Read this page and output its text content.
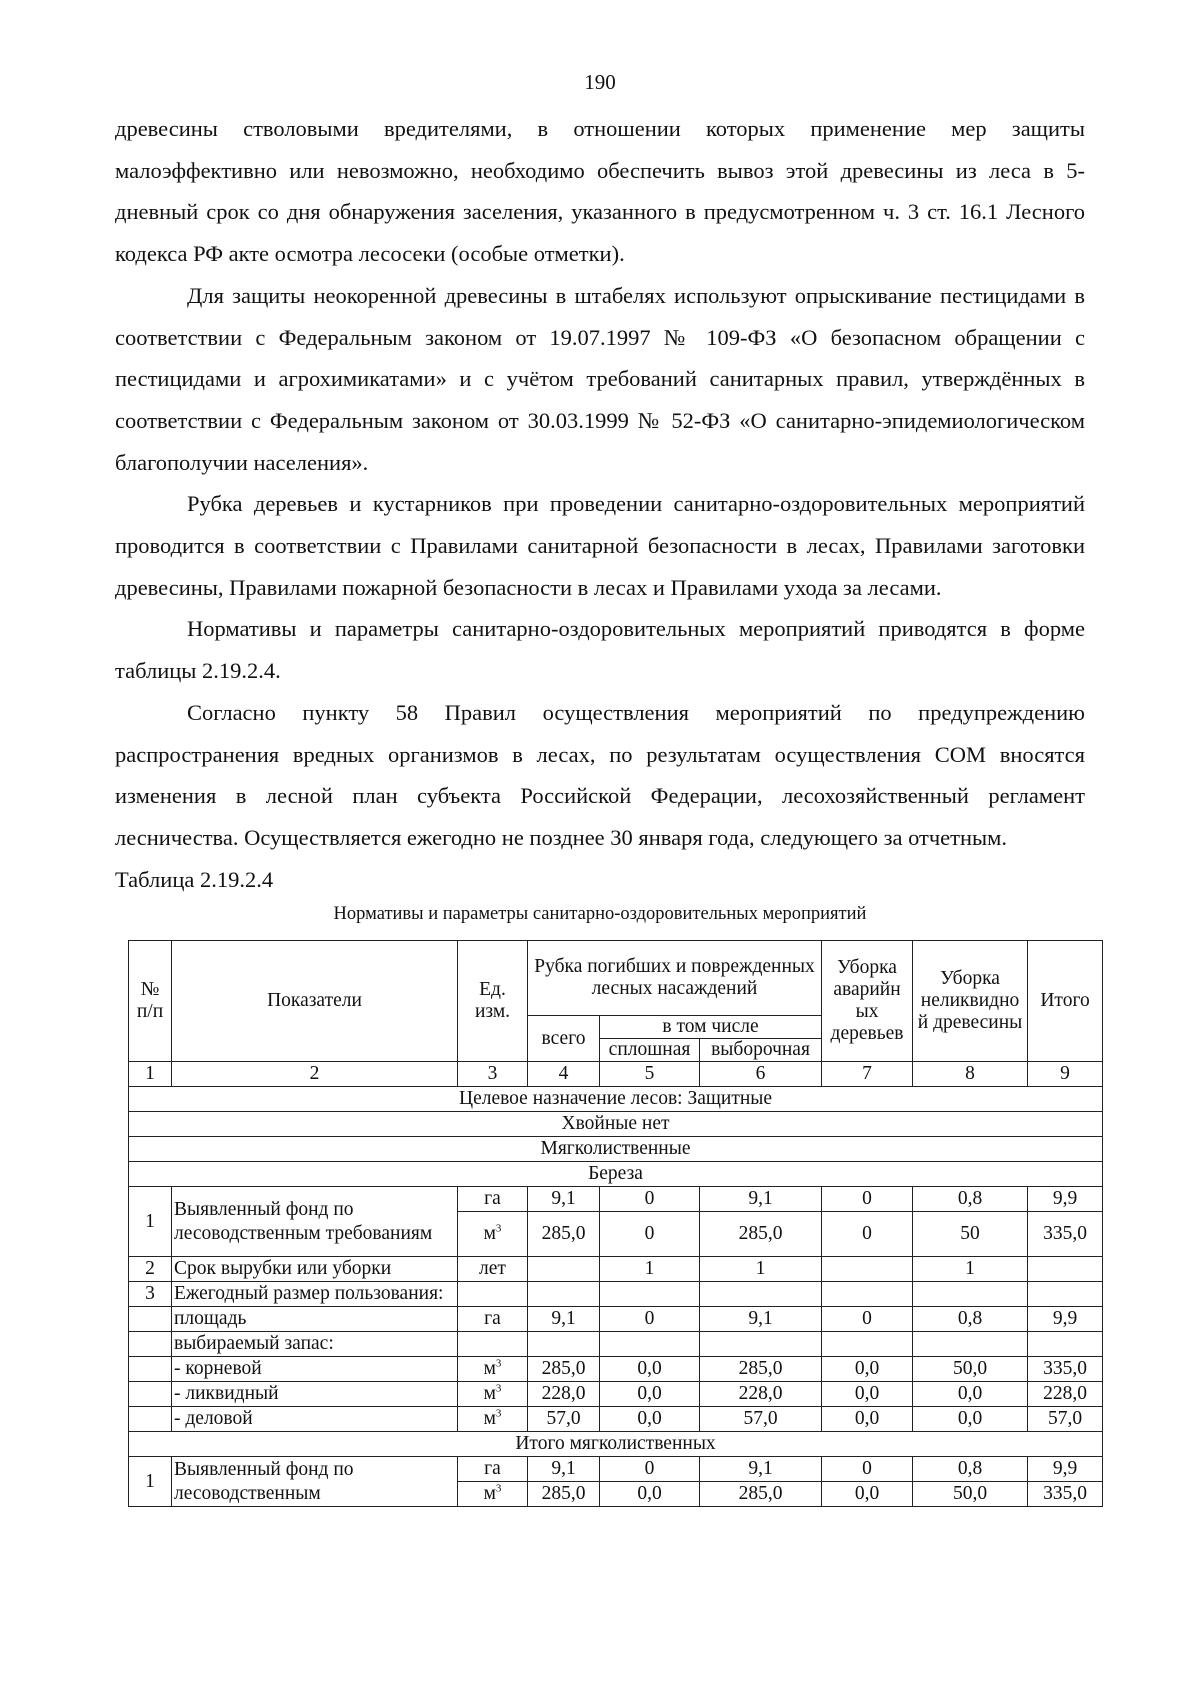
190

древесины стволовыми вредителями, в отношении которых применение мер защиты малоэффективно или невозможно, необходимо обеспечить вывоз этой древесины из леса в 5-дневный срок со дня обнаружения заселения, указанного в предусмотренном ч. 3 ст. 16.1 Лесного кодекса РФ акте осмотра лесосеки (особые отметки).

Для защиты неокоренной древесины в штабелях используют опрыскивание пестицидами в соответствии с Федеральным законом от 19.07.1997 № 109-ФЗ «О безопасном обращении с пестицидами и агрохимикатами» и с учётом требований санитарных правил, утверждённых в соответствии с Федеральным законом от 30.03.1999 № 52-ФЗ «О санитарно-эпидемиологическом благополучии населения».

Рубка деревьев и кустарников при проведении санитарно-оздоровительных мероприятий проводится в соответствии с Правилами санитарной безопасности в лесах, Правилами заготовки древесины, Правилами пожарной безопасности в лесах и Правилами ухода за лесами.

Нормативы и параметры санитарно-оздоровительных мероприятий приводятся в форме таблицы 2.19.2.4.

Согласно пункту 58 Правил осуществления мероприятий по предупреждению распространения вредных организмов в лесах, по результатам осуществления СОМ вносятся изменения в лесной план субъекта Российской Федерации, лесохозяйственный регламент лесничества. Осуществляется ежегодно не позднее 30 января года, следующего за отчетным.

Таблица 2.19.2.4

Нормативы и параметры санитарно-оздоровительных мероприятий
№ п/п	Показатели	Ед. изм.	Рубка погибших и поврежденных лесных насаждений			Уборка аварийн ых деревьев	Уборка неликвидно й древесины	Итого
			всего	в том числе				
				сплошная	выборочная			
1	2	3	4	5	6	7	8	9
Целевое назначение лесов: Защитные								
Хвойные нет								
Мягколиственные								
Береза								
1	Выявленный фонд по лесоводственным требованиям	га	9,1	0	9,1	0	0,8	9,9
		$м^3$	285,0	0	285,0	0	50	335,0
2	Срок вырубки или уборки	лет		1	1		1	
3	Ежегодный размер пользования:							
	площадь	га	9,1	0	9,1	0	0,8	9,9
	выбираемый запас:							
	- корневой	$м^3$	285,0	0,0	285,0	0,0	50,0	335,0
	- ликвидный	$м^3$	228,0	0,0	228,0	0,0	0,0	228,0
	- деловой	$м^3$	57,0	0,0	57,0	0,0	0,0	57,0
Итого мягколиственных								
1	Выявленный фонд по лесоводственным	га	9,1	0	9,1	0	0,8	9,9
		$м^3$	285,0	0,0	285,0	0,0	50,0	335,0
